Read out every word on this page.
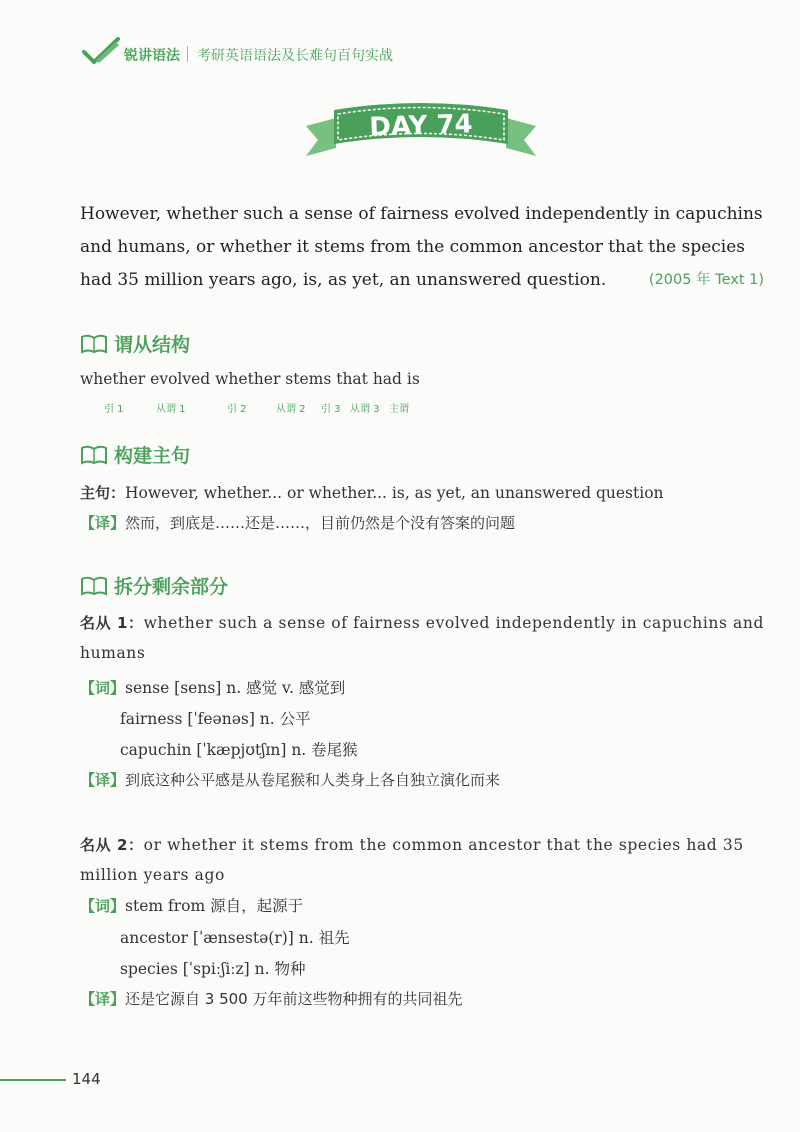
锐讲语法 考研英语语法及长难句百句实战
DAY 74
However, whether such a sense of fairness evolved independently in capuchins and humans, or whether it stems from the common ancestor that the species had 35 million years ago, is, as yet, an unanswered question.	(2005 年 Text 1)
谓从结构
whether evolved whether stems that had is
引 1	从谓 1	引 2	从谓 2 引 3 从谓 3 主谓
构建主句
主句：However, whether... or whether... is, as yet, an unanswered question
【译】然而，到底是……还是……，目前仍然是个没有答案的问题
拆分剩余部分
名从 1：whether such a sense of fairness evolved independently in capuchins and humans
【词】sense [sens] n. 感觉 v. 感觉到
fairness [ˈfeənəs] n. 公平
capuchin [ˈkæpjʊtʃɪn] n. 卷尾猴
【译】到底这种公平感是从卷尾猴和人类身上各自独立演化而来
名从 2：or whether it stems from the common ancestor that the species had 35 million years ago
【词】stem from 源自，起源于
ancestor [ˈænsestə(r)] n. 祖先
species [ˈspiːʃiːz] n. 物种
【译】还是它源自 3 500 万年前这些物种拥有的共同祖先
144
